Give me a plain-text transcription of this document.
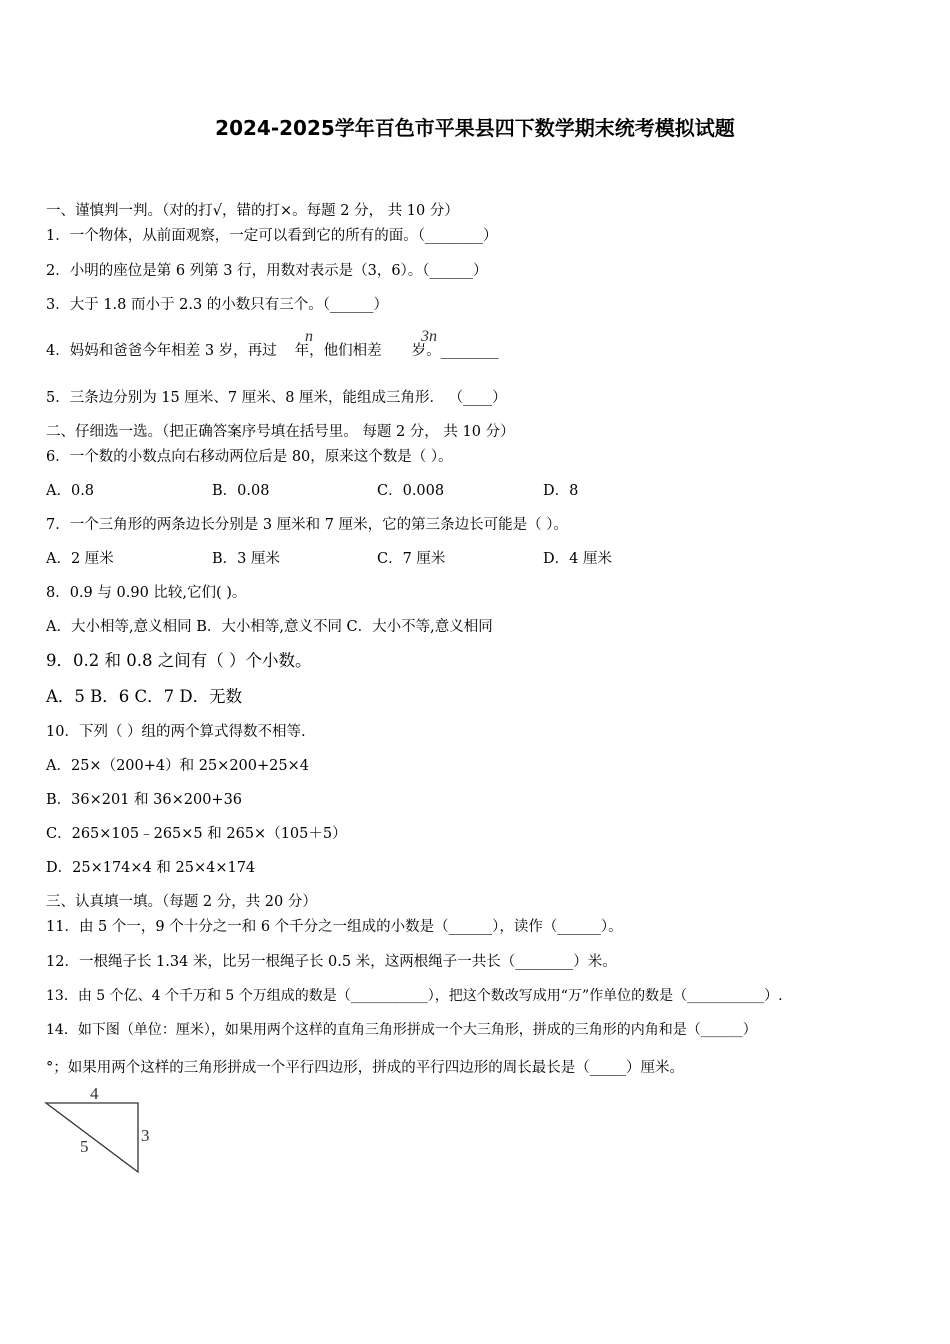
2024-2025学年百色市平果县四下数学期末统考模拟试题
一、谨慎判一判。（对的打√，错的打×。每题 2 分， 共 10 分）
1．一个物体，从前面观察，一定可以看到它的所有的面。（________）
2．小明的座位是第 6 列第 3 行，用数对表示是（3，6）。（______）
3．大于 1.8 而小于 2.3 的小数只有三个。（______）
4．妈妈和爸爸今年相差 3 岁，再过 年，他们相差 岁。________
n	3n
5．三条边分别为 15 厘米、7 厘米、8 厘米，能组成三角形． （____）
二、仔细选一选。（把正确答案序号填在括号里。 每题 2 分， 共 10 分）
6．一个数的小数点向右移动两位后是 80，原来这个数是（ ）。
A．0.8	B．0.08	C．0.008	D．8
7．一个三角形的两条边长分别是 3 厘米和 7 厘米，它的第三条边长可能是（ ）。
A．2 厘米	B．3 厘米	C．7 厘米	D．4 厘米
8．0.9 与 0.90 比较,它们( )。
A．大小相等,意义相同 B．大小相等,意义不同 C．大小不等,意义相同
9．0.2 和 0.8 之间有（ ）个小数。
A．5 B．6 C．7 D．无数
10．下列（ ）组的两个算式得数不相等.
A．25×（200+4）和 25×200+25×4
B．36×201 和 36×200+36
C．265×105﹣265×5 和 265×（105＋5）
D．25×174×4 和 25×4×174
三、认真填一填。（每题 2 分，共 20 分）
11．由 5 个一，9 个十分之一和 6 个千分之一组成的小数是（______），读作（______）。
12．一根绳子长 1.34 米，比另一根绳子长 0.5 米，这两根绳子一共长（________）米。
13．由 5 个亿、4 个千万和 5 个万组成的数是（___________），把这个数改写成用“万”作单位的数是（___________）.
14．如下图（单位：厘米），如果用两个这样的直角三角形拼成一个大三角形，拼成的三角形的内角和是（______）
°；如果用两个这样的三角形拼成一个平行四边形，拼成的平行四边形的周长最长是（_____）厘米。
4
3
5
